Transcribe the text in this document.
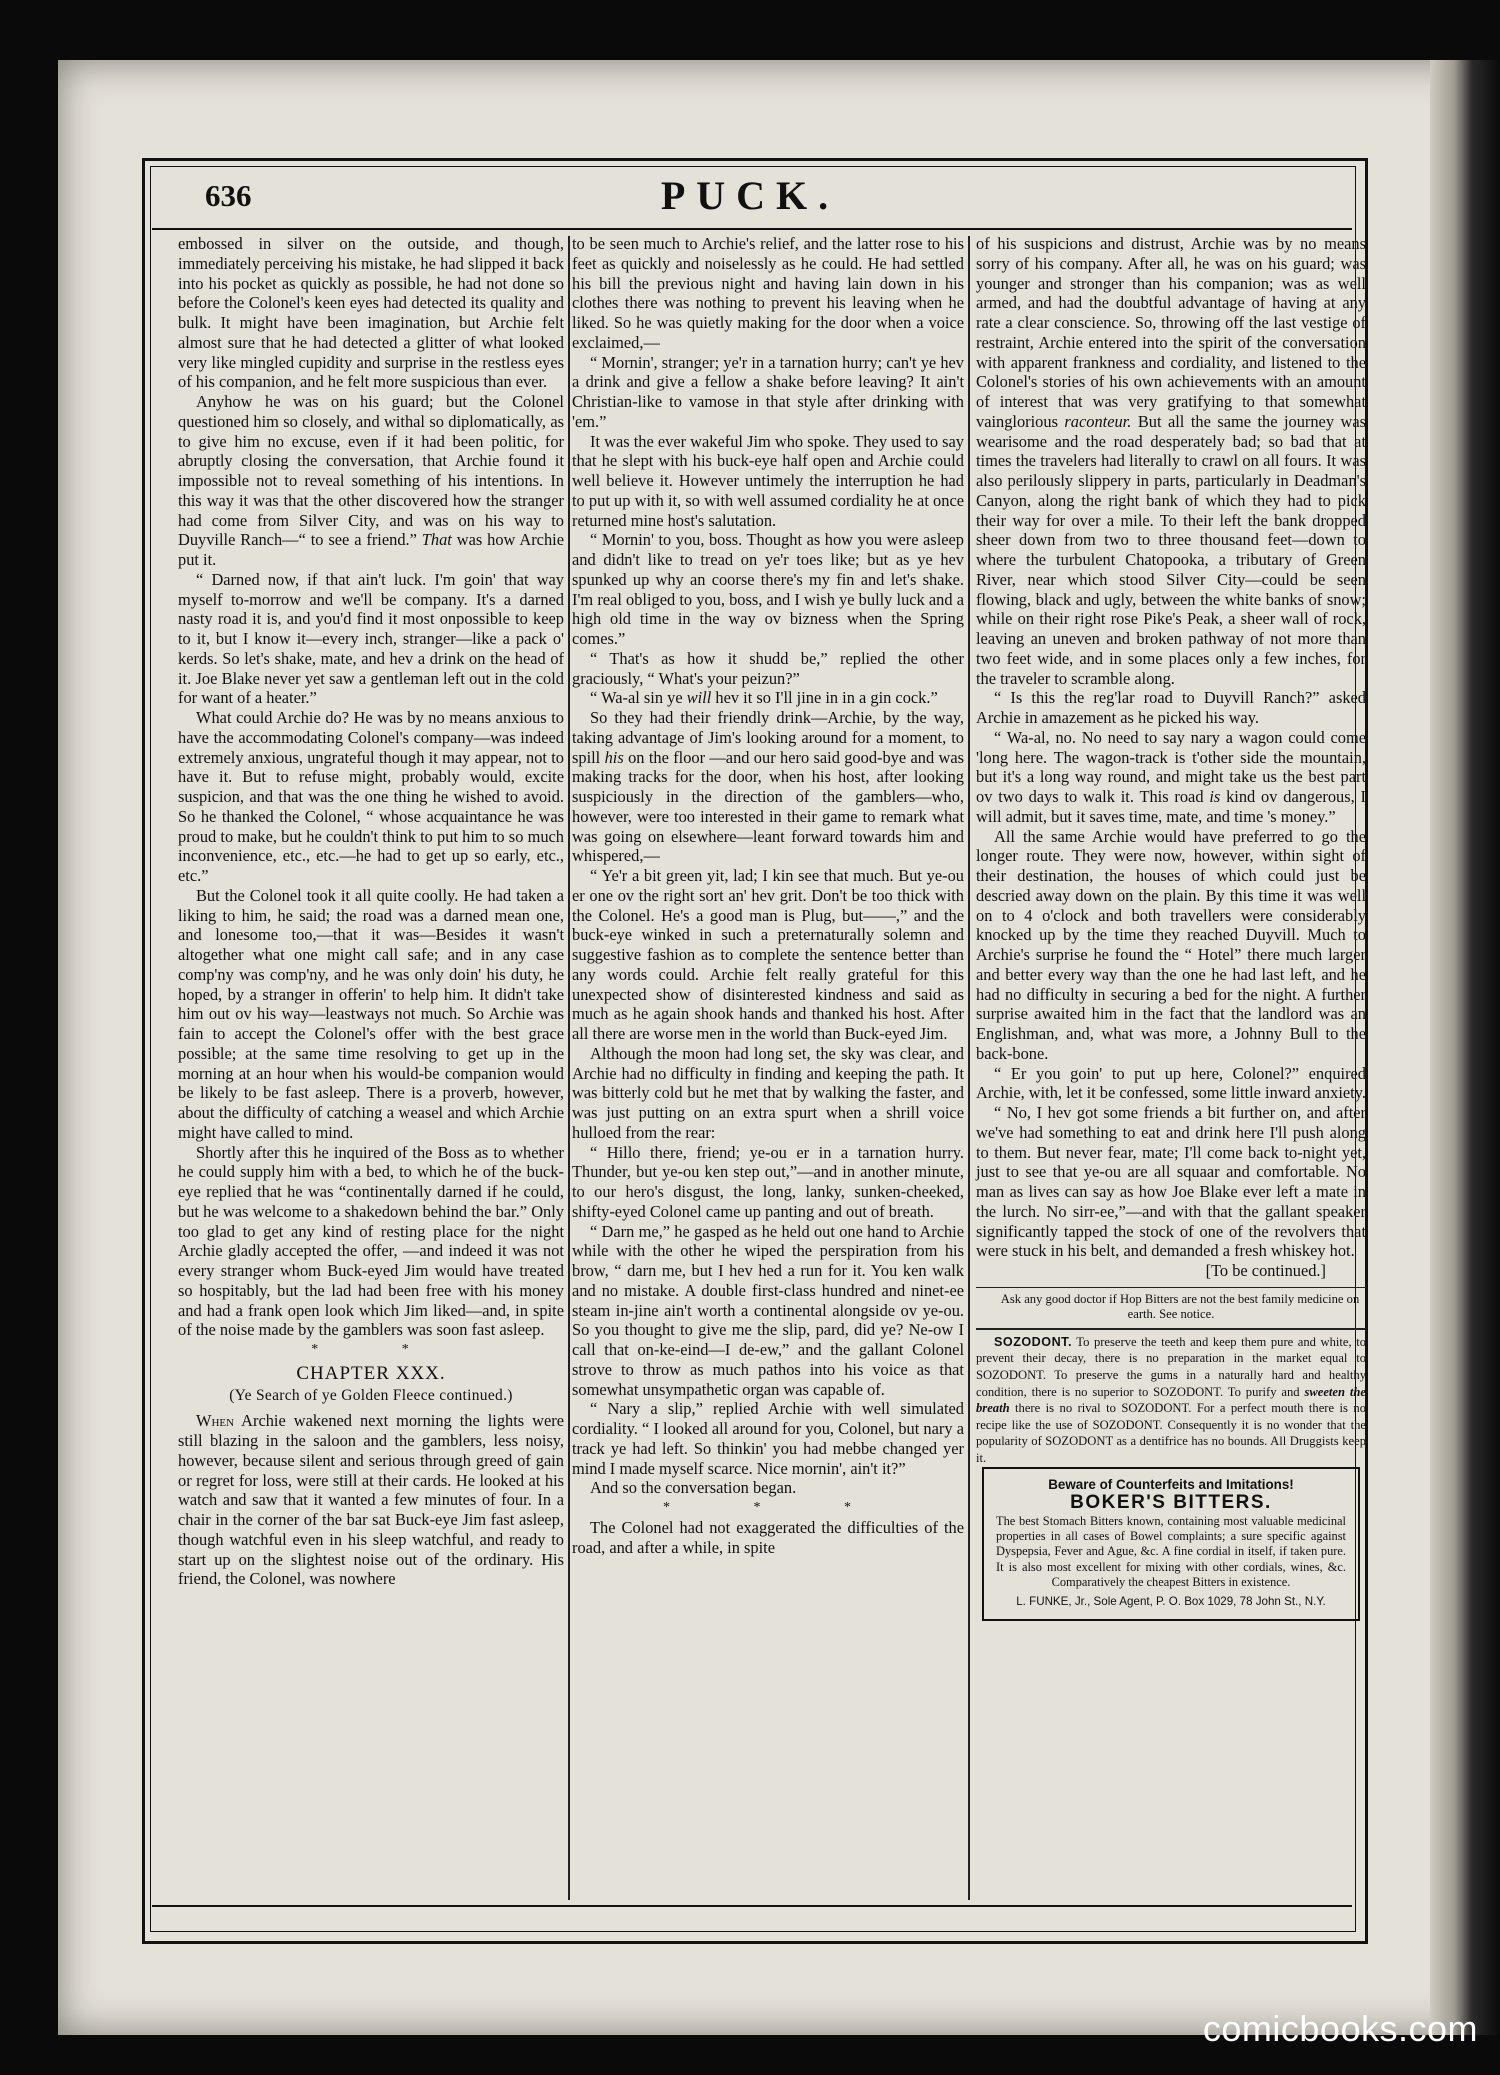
636	PUCK.

embossed in silver on the outside, and though, immediately perceiving his mistake, he had slipped it back into his pocket as quickly as possible, he had not done so before the Colonel's keen eyes had detected its quality and bulk. It might have been imagination, but Archie felt almost sure that he had detected a glitter of what looked very like mingled cupidity and surprise in the restless eyes of his companion, and he felt more suspicious than ever.

Anyhow he was on his guard; but the Colonel questioned him so closely, and withal so diplomatically, as to give him no excuse, even if it had been politic, for abruptly closing the conversation, that Archie found it impossible not to reveal something of his intentions. In this way it was that the other discovered how the stranger had come from Silver City, and was on his way to Duyville Ranch—“ to see a friend.” That was how Archie put it.

“ Darned now, if that ain't luck. I'm goin' that way myself to-morrow and we'll be company. It's a darned nasty road it is, and you'd find it most onpossible to keep to it, but I know it—every inch, stranger—like a pack o' kerds. So let's shake, mate, and hev a drink on the head of it. Joe Blake never yet saw a gentleman left out in the cold for want of a heater.”

What could Archie do? He was by no means anxious to have the accommodating Colonel's company—was indeed extremely anxious, ungrateful though it may appear, not to have it. But to refuse might, probably would, excite suspicion, and that was the one thing he wished to avoid. So he thanked the Colonel, “ whose acquaintance he was proud to make, but he couldn't think to put him to so much inconvenience, etc., etc.—he had to get up so early, etc., etc.”

But the Colonel took it all quite coolly. He had taken a liking to him, he said; the road was a darned mean one, and lonesome too,—that it was—Besides it wasn't altogether what one might call safe; and in any case comp'ny was comp'ny, and he was only doin' his duty, he hoped, by a stranger in offerin' to help him. It didn't take him out ov his way—leastways not much. So Archie was fain to accept the Colonel's offer with the best grace possible; at the same time resolving to get up in the morning at an hour when his would-be companion would be likely to be fast asleep. There is a proverb, however, about the difficulty of catching a weasel and which Archie might have called to mind.

Shortly after this he inquired of the Boss as to whether he could supply him with a bed, to which he of the buck-eye replied that he was “continentally darned if he could, but he was welcome to a shakedown behind the bar.” Only too glad to get any kind of resting place for the night Archie gladly accepted the offer, —and indeed it was not every stranger whom Buck-eyed Jim would have treated so hospitably, but the lad had been free with his money and had a frank open look which Jim liked—and, in spite of the noise made by the gamblers was soon fast asleep.

* *

CHAPTER XXX.
(Ye Search of ye Golden Fleece continued.)

When Archie wakened next morning the lights were still blazing in the saloon and the gamblers, less noisy, however, because silent and serious through greed of gain or regret for loss, were still at their cards. He looked at his watch and saw that it wanted a few minutes of four. In a chair in the corner of the bar sat Buck-eye Jim fast asleep, though watchful even in his sleep watchful, and ready to start up on the slightest noise out of the ordinary. His friend, the Colonel, was nowhere

to be seen much to Archie's relief, and the latter rose to his feet as quickly and noiselessly as he could. He had settled his bill the previous night and having lain down in his clothes there was nothing to prevent his leaving when he liked. So he was quietly making for the door when a voice exclaimed,—

“ Mornin', stranger; ye'r in a tarnation hurry; can't ye hev a drink and give a fellow a shake before leaving? It ain't Christian-like to vamose in that style after drinking with 'em.”

It was the ever wakeful Jim who spoke. They used to say that he slept with his buck-eye half open and Archie could well believe it. However untimely the interruption he had to put up with it, so with well assumed cordiality he at once returned mine host's salutation.

“ Mornin' to you, boss. Thought as how you were asleep and didn't like to tread on ye'r toes like; but as ye hev spunked up why an coorse there's my fin and let's shake. I'm real obliged to you, boss, and I wish ye bully luck and a high old time in the way ov bizness when the Spring comes.”

“ That's as how it shudd be,” replied the other graciously, “ What's your peizun?”

“ Wa-al sin ye will hev it so I'll jine in in a gin cock.”

So they had their friendly drink—Archie, by the way, taking advantage of Jim's looking around for a moment, to spill his on the floor —and our hero said good-bye and was making tracks for the door, when his host, after looking suspiciously in the direction of the gamblers—who, however, were too interested in their game to remark what was going on elsewhere—leant forward towards him and whispered,—

“ Ye'r a bit green yit, lad; I kin see that much. But ye-ou er one ov the right sort an' hev grit. Don't be too thick with the Colonel. He's a good man is Plug, but——,” and the buck-eye winked in such a preternaturally solemn and suggestive fashion as to complete the sentence better than any words could. Archie felt really grateful for this unexpected show of disinterested kindness and said as much as he again shook hands and thanked his host. After all there are worse men in the world than Buck-eyed Jim.

Although the moon had long set, the sky was clear, and Archie had no difficulty in finding and keeping the path. It was bitterly cold but he met that by walking the faster, and was just putting on an extra spurt when a shrill voice hulloed from the rear:

“ Hillo there, friend; ye-ou er in a tarnation hurry. Thunder, but ye-ou ken step out,”—and in another minute, to our hero's disgust, the long, lanky, sunken-cheeked, shifty-eyed Colonel came up panting and out of breath.

“ Darn me,” he gasped as he held out one hand to Archie while with the other he wiped the perspiration from his brow, “ darn me, but I hev hed a run for it. You ken walk and no mistake. A double first-class hundred and ninet-ee steam in-jine ain't worth a continental alongside ov ye-ou. So you thought to give me the slip, pard, did ye? Ne-ow I call that on-ke-eind—I de-ew,” and the gallant Colonel strove to throw as much pathos into his voice as that somewhat unsympathetic organ was capable of.

“ Nary a slip,” replied Archie with well simulated cordiality. “ I looked all around for you, Colonel, but nary a track ye had left. So thinkin' you had mebbe changed yer mind I made myself scarce. Nice mornin', ain't it?”

And so the conversation began.

* * *

The Colonel had not exaggerated the difficulties of the road, and after a while, in spite

of his suspicions and distrust, Archie was by no means sorry of his company. After all, he was on his guard; was younger and stronger than his companion; was as well armed, and had the doubtful advantage of having at any rate a clear conscience. So, throwing off the last vestige of restraint, Archie entered into the spirit of the conversation with apparent frankness and cordiality, and listened to the Colonel's stories of his own achievements with an amount of interest that was very gratifying to that somewhat vainglorious raconteur. But all the same the journey was wearisome and the road desperately bad; so bad that at times the travelers had literally to crawl on all fours. It was also perilously slippery in parts, particularly in Deadman's Canyon, along the right bank of which they had to pick their way for over a mile. To their left the bank dropped sheer down from two to three thousand feet—down to where the turbulent Chatopooka, a tributary of Green River, near which stood Silver City—could be seen flowing, black and ugly, between the white banks of snow; while on their right rose Pike's Peak, a sheer wall of rock, leaving an uneven and broken pathway of not more than two feet wide, and in some places only a few inches, for the traveler to scramble along.

“ Is this the reg'lar road to Duyvill Ranch?” asked Archie in amazement as he picked his way.

“ Wa-al, no. No need to say nary a wagon could come 'long here. The wagon-track is t'other side the mountain, but it's a long way round, and might take us the best part ov two days to walk it. This road is kind ov dangerous, I will admit, but it saves time, mate, and time 's money.”

All the same Archie would have preferred to go the longer route. They were now, however, within sight of their destination, the houses of which could just be descried away down on the plain. By this time it was well on to 4 o'clock and both travellers were considerably knocked up by the time they reached Duyvill. Much to Archie's surprise he found the “ Hotel” there much larger and better every way than the one he had last left, and he had no difficulty in securing a bed for the night. A further surprise awaited him in the fact that the landlord was an Englishman, and, what was more, a Johnny Bull to the back-bone.

“ Er you goin' to put up here, Colonel?” enquired Archie, with, let it be confessed, some little inward anxiety.

“ No, I hev got some friends a bit further on, and after we've had something to eat and drink here I'll push along to them. But never fear, mate; I'll come back to-night yet, just to see that ye-ou are all squaar and comfortable. No man as lives can say as how Joe Blake ever left a mate in the lurch. No sirr-ee,”—and with that the gallant speaker significantly tapped the stock of one of the revolvers that were stuck in his belt, and demanded a fresh whiskey hot.
[To be continued.]

Ask any good doctor if Hop Bitters are not the best family medicine on earth. See notice.

SOZODONT. To preserve the teeth and keep them pure and white, to prevent their decay, there is no preparation in the market equal to SOZODONT. To preserve the gums in a naturally hard and healthy condition, there is no superior to SOZODONT. To purify and sweeten the breath there is no rival to SOZODONT. For a perfect mouth there is no recipe like the use of SOZODONT. Consequently it is no wonder that the popularity of SOZODONT as a dentifrice has no bounds. All Druggists keep it.

Beware of Counterfeits and Imitations!
BOKER'S BITTERS.
The best Stomach Bitters known, containing most valuable medicinal properties in all cases of Bowel complaints; a sure specific against Dyspepsia, Fever and Ague, &c. A fine cordial in itself, if taken pure. It is also most excellent for mixing with other cordials, wines, &c. Comparatively the cheapest Bitters in existence.
L. FUNKE, Jr., Sole Agent, P. O. Box 1029, 78 John St., N.Y.
comicbooks.com
